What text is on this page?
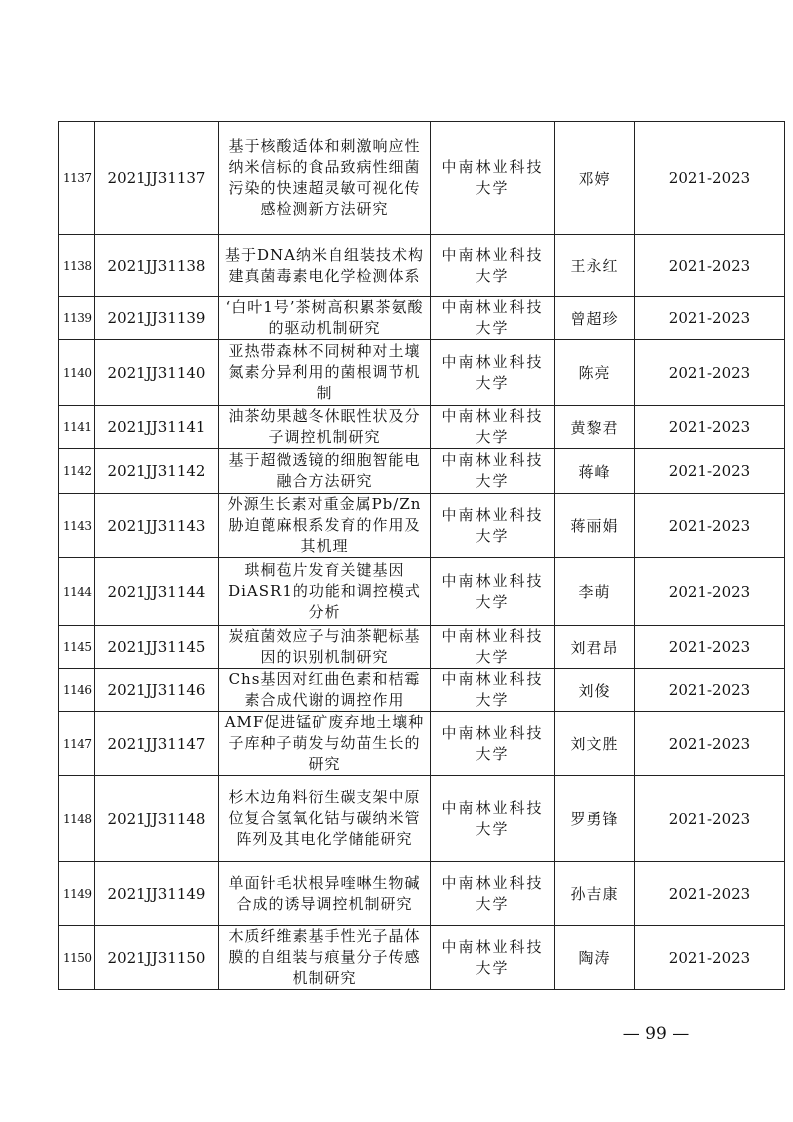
1137	2021JJ31137	基于核酸适体和刺激响应性纳米信标的食品致病性细菌污染的快速超灵敏可视化传感检测新方法研究	中南林业科技大学	邓婷	2021-2023
1138	2021JJ31138	基于DNA纳米自组装技术构建真菌毒素电化学检测体系	中南林业科技大学	王永红	2021-2023
1139	2021JJ31139	‘白叶1号’茶树高积累茶氨酸的驱动机制研究	中南林业科技大学	曾超珍	2021-2023
1140	2021JJ31140	亚热带森林不同树种对土壤氮素分异利用的菌根调节机制	中南林业科技大学	陈亮	2021-2023
1141	2021JJ31141	油茶幼果越冬休眠性状及分子调控机制研究	中南林业科技大学	黄黎君	2021-2023
1142	2021JJ31142	基于超微透镜的细胞智能电融合方法研究	中南林业科技大学	蒋峰	2021-2023
1143	2021JJ31143	外源生长素对重金属Pb/Zn胁迫蓖麻根系发育的作用及其机理	中南林业科技大学	蒋丽娟	2021-2023
1144	2021JJ31144	珙桐苞片发育关键基因DiASR1的功能和调控模式分析	中南林业科技大学	李萌	2021-2023
1145	2021JJ31145	炭疽菌效应子与油茶靶标基因的识别机制研究	中南林业科技大学	刘君昂	2021-2023
1146	2021JJ31146	Chs基因对红曲色素和桔霉素合成代谢的调控作用	中南林业科技大学	刘俊	2021-2023
1147	2021JJ31147	AMF促进锰矿废弃地土壤种子库种子萌发与幼苗生长的研究	中南林业科技大学	刘文胜	2021-2023
1148	2021JJ31148	杉木边角料衍生碳支架中原位复合氢氧化钴与碳纳米管阵列及其电化学储能研究	中南林业科技大学	罗勇锋	2021-2023
1149	2021JJ31149	单面针毛状根异喹啉生物碱合成的诱导调控机制研究	中南林业科技大学	孙吉康	2021-2023
1150	2021JJ31150	木质纤维素基手性光子晶体膜的自组装与痕量分子传感机制研究	中南林业科技大学	陶涛	2021-2023
— 99 —
